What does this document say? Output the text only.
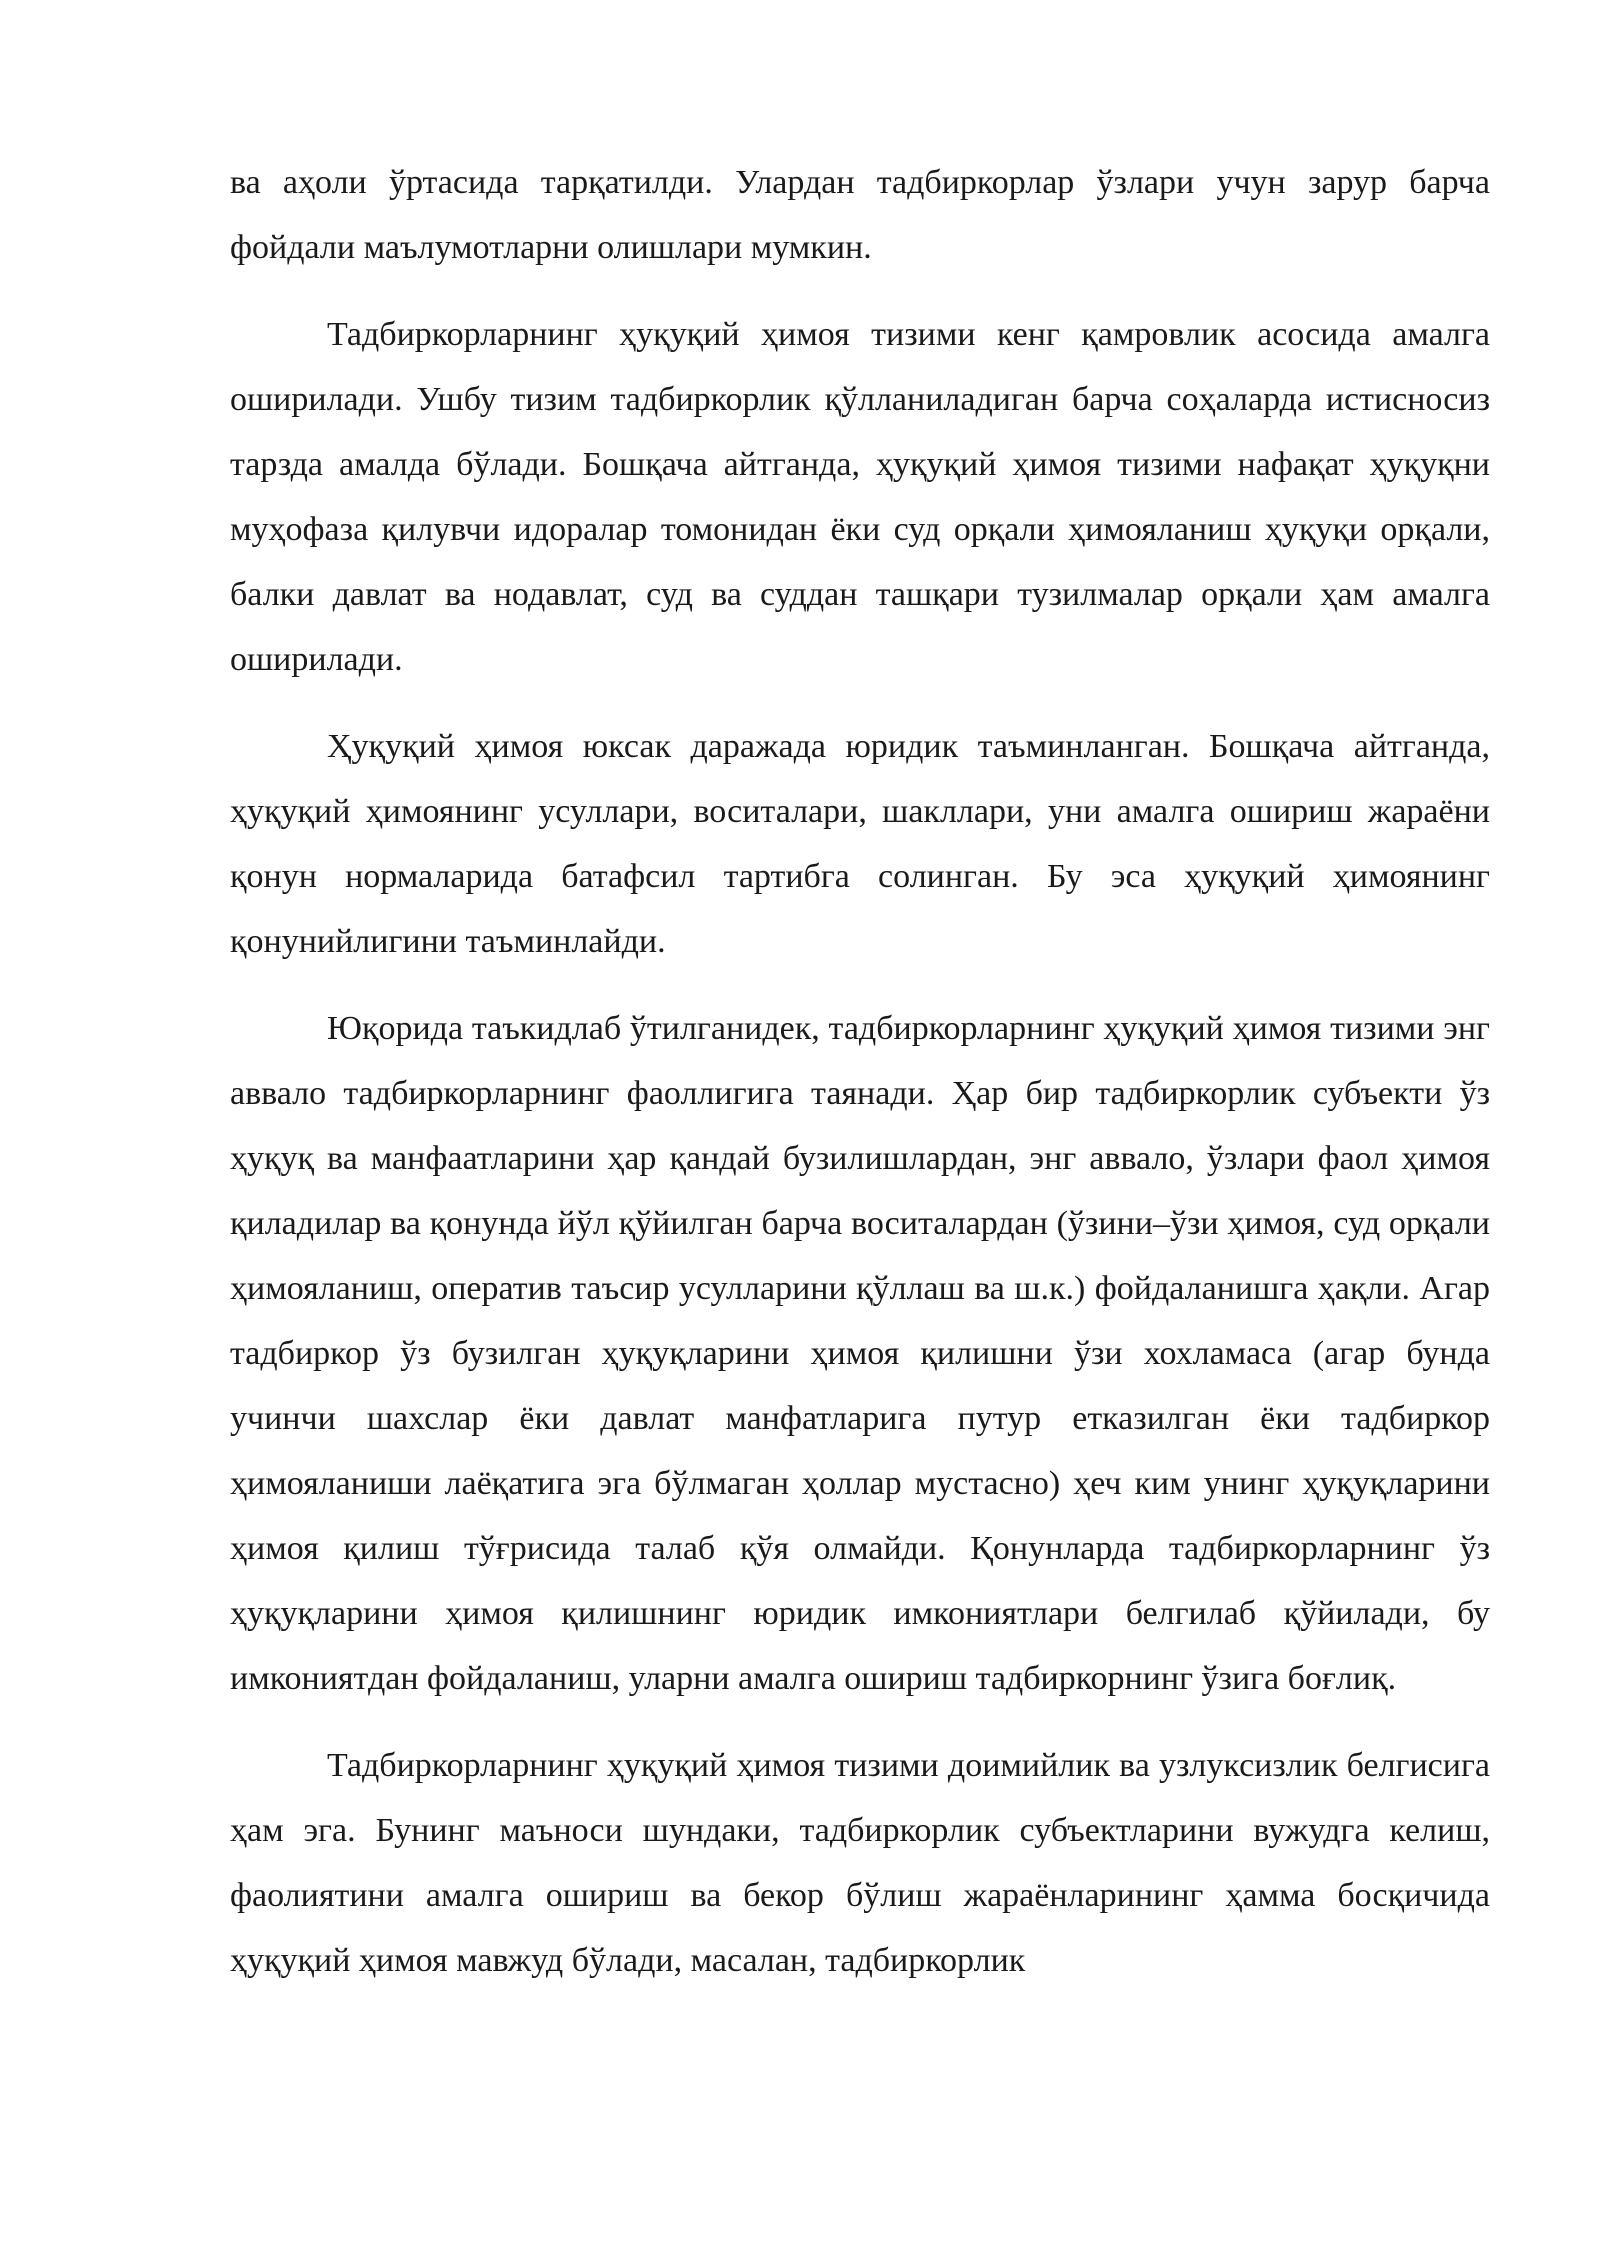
ва аҳоли ўртасида тарқатилди. Улардан тадбиркорлар ўзлари учун зарур барча фойдали маълумотларни олишлари мумкин.

Тадбиркорларнинг ҳуқуқий ҳимоя тизими кенг қамровлик асосида амалга оширилади. Ушбу тизим тадбиркорлик қўлланиладиган барча соҳаларда истисносиз тарзда амалда бўлади. Бошқача айтганда, ҳуқуқий ҳимоя тизими нафақат ҳуқуқни муҳофаза қилувчи идоралар томонидан ёки суд орқали ҳимояланиш ҳуқуқи орқали, балки давлат ва нодавлат, суд ва суддан ташқари тузилмалар орқали ҳам амалга оширилади.

Ҳуқуқий ҳимоя юксак даражада юридик таъминланган. Бошқача айтганда, ҳуқуқий ҳимоянинг усуллари, воситалари, шакллари, уни амалга ошириш жараёни қонун нормаларида батафсил тартибга солинган. Бу эса ҳуқуқий ҳимоянинг қонунийлигини таъминлайди.

Юқорида таъкидлаб ўтилганидек, тадбиркорларнинг ҳуқуқий ҳимоя тизими энг аввало тадбиркорларнинг фаоллигига таянади. Ҳар бир тадбиркорлик субъекти ўз ҳуқуқ ва манфаатларини ҳар қандай бузилишлардан, энг аввало, ўзлари фаол ҳимоя қиладилар ва қонунда йўл қўйилган барча воситалардан (ўзини–ўзи ҳимоя, суд орқали ҳимояланиш, оператив таъсир усулларини қўллаш ва ш.к.) фойдаланишга ҳақли. Агар тадбиркор ўз бузилган ҳуқуқларини ҳимоя қилишни ўзи хохламаса (агар бунда учинчи шахслар ёки давлат манфатларига путур етказилган ёки тадбиркор ҳимояланиши лаёқатига эга бўлмаган ҳоллар мустасно) ҳеч ким унинг ҳуқуқларини ҳимоя қилиш тўғрисида талаб қўя олмайди. Қонунларда тадбиркорларнинг ўз ҳуқуқларини ҳимоя қилишнинг юридик имкониятлари белгилаб қўйилади, бу имкониятдан фойдаланиш, уларни амалга ошириш тадбиркорнинг ўзига боғлиқ.

Тадбиркорларнинг ҳуқуқий ҳимоя тизими доимийлик ва узлуксизлик белгисига ҳам эга. Бунинг маъноси шундаки, тадбиркорлик субъектларини вужудга келиш, фаолиятини амалга ошириш ва бекор бўлиш жараёнларининг ҳамма босқичида ҳуқуқий ҳимоя мавжуд бўлади, масалан, тадбиркорлик
